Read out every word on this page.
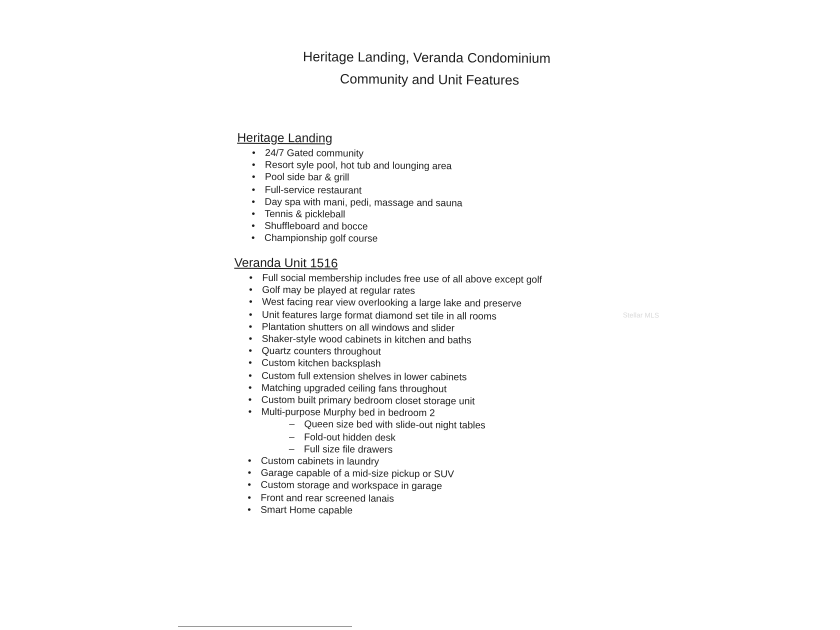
Heritage Landing, Veranda Condominium
Community and Unit Features
Heritage Landing
• 24/7 Gated community
• Resort syle pool, hot tub and lounging area
• Pool side bar & grill
• Full-service restaurant
• Day spa with mani, pedi, massage and sauna
• Tennis & pickleball
• Shuffleboard and bocce
• Championship golf course
Veranda Unit 1516
• Full social membership includes free use of all above except golf
• Golf may be played at regular rates
• West facing rear view overlooking a large lake and preserve
• Unit features large format diamond set tile in all rooms
• Plantation shutters on all windows and slider
• Shaker-style wood cabinets in kitchen and baths
• Quartz counters throughout
• Custom kitchen backsplash
• Custom full extension shelves in lower cabinets
• Matching upgraded ceiling fans throughout
• Custom built primary bedroom closet storage unit
• Multi-purpose Murphy bed in bedroom 2
– Queen size bed with slide-out night tables
– Fold-out hidden desk
– Full size file drawers
• Custom cabinets in laundry
• Garage capable of a mid-size pickup or SUV
• Custom storage and workspace in garage
• Front and rear screened lanais
• Smart Home capable
Stellar MLS
